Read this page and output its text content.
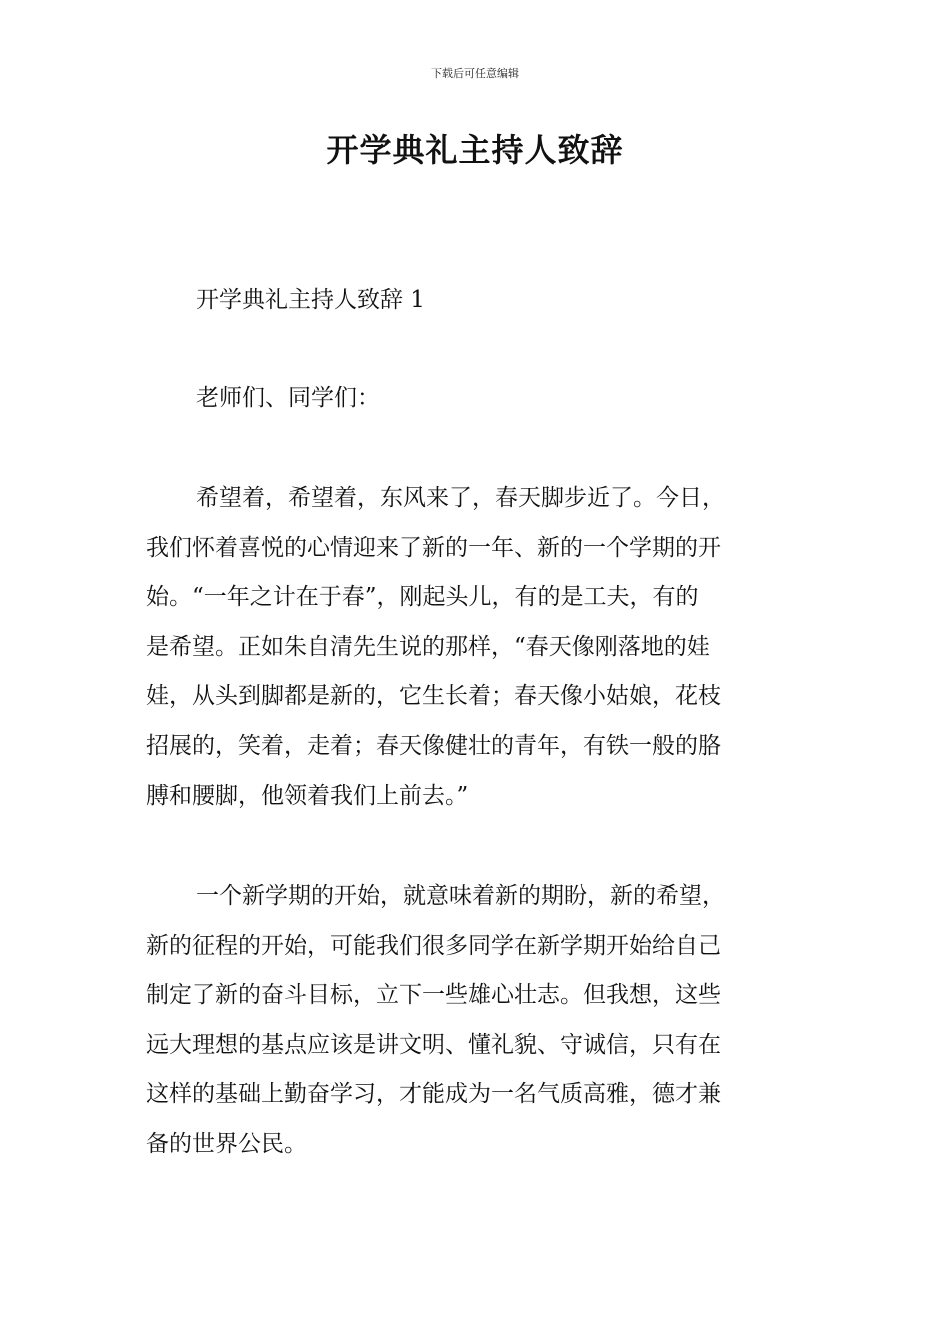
下载后可任意编辑
开学典礼主持人致辞
开学典礼主持人致辞 1

老师们、同学们：

希望着，希望着，东风来了，春天脚步近了。今日，
我们怀着喜悦的心情迎来了新的一年、新的一个学期的开
始。“一年之计在于春”，刚起头儿，有的是工夫，有的
是希望。正如朱自清先生说的那样，“春天像刚落地的娃
娃，从头到脚都是新的，它生长着；春天像小姑娘，花枝
招展的，笑着，走着；春天像健壮的青年，有铁一般的胳
膊和腰脚，他领着我们上前去。”
一个新学期的开始，就意味着新的期盼，新的希望，
新的征程的开始，可能我们很多同学在新学期开始给自己
制定了新的奋斗目标，立下一些雄心壮志。但我想，这些
远大理想的基点应该是讲文明、懂礼貌、守诚信，只有在
这样的基础上勤奋学习，才能成为一名气质高雅，德才兼
备的世界公民。
